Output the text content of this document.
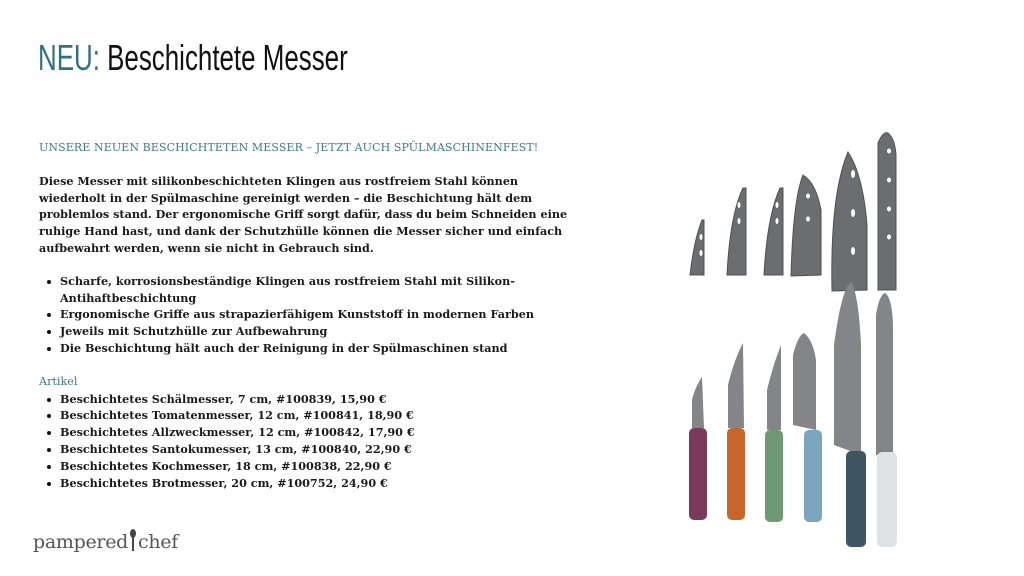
NEU: Beschichtete Messer

UNSERE NEUEN BESCHICHTETEN MESSER – JETZT AUCH SPÜLMASCHINENFEST!

Diese Messer mit silikonbeschichteten Klingen aus rostfreiem Stahl können wiederholt in der Spülmaschine gereinigt werden – die Beschichtung hält dem problemlos stand. Der ergonomische Griff sorgt dafür, dass du beim Schneiden eine ruhige Hand hast, und dank der Schutzhülle können die Messer sicher und einfach aufbewahrt werden, wenn sie nicht in Gebrauch sind.

Scharfe, korrosionsbeständige Klingen aus rostfreiem Stahl mit Silikon-Antihaftbeschichtung
Ergonomische Griffe aus strapazierfähigem Kunststoff in modernen Farben
Jeweils mit Schutzhülle zur Aufbewahrung
Die Beschichtung hält auch der Reinigung in der Spülmaschinen stand

Artikel

Beschichtetes Schälmesser, 7 cm, #100839, 15,90 €
Beschichtetes Tomatenmesser, 12 cm, #100841, 18,90 €
Beschichtetes Allzweckmesser, 12 cm, #100842, 17,90 €
Beschichtetes Santokumesser, 13 cm, #100840, 22,90 €
Beschichtetes Kochmesser, 18 cm, #100838, 22,90 €
Beschichtetes Brotmesser, 20 cm, #100752, 24,90 €
pampered chef
